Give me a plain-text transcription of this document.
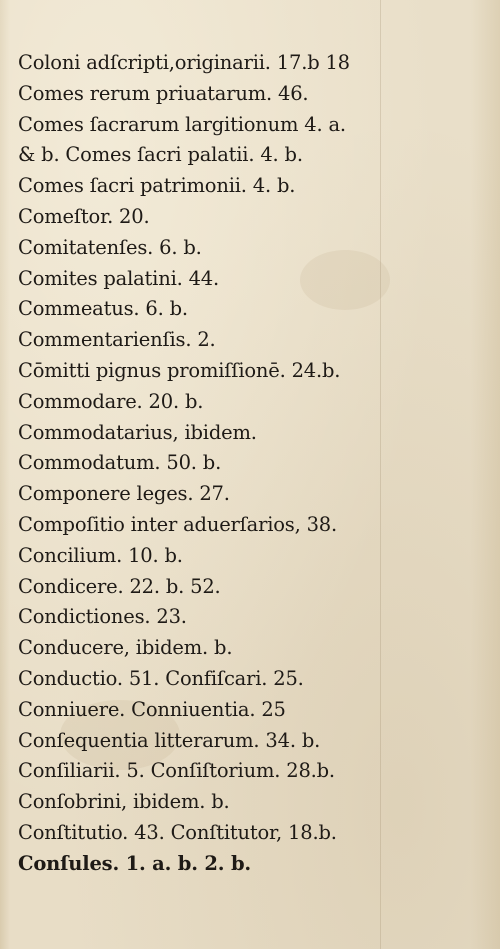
Coloni adſcripti,originarii. 17.b 18
Comes rerum priuatarum. 46.
Comes ſacrarum largitionum 4. a.
& b. Comes ſacri palatii. 4. b.
Comes ſacri patrimonii. 4. b.
Comeſtor. 20.
Comitatenſes. 6. b.
Comites palatini. 44.
Commeatus. 6. b.
Commentarienſis. 2.
Cōmitti pignus promiſſionē. 24.b.
Commodare. 20. b.
Commodatarius, ibidem.
Commodatum. 50. b.
Componere leges. 27.
Compoſitio inter aduerſarios, 38.
Concilium. 10. b.
Condicere. 22. b. 52.
Condictiones. 23.
Conducere, ibidem. b.
Conductio. 51. Confiſcari. 25.
Conniuere. Conniuentia. 25
Conſequentia litterarum. 34. b.
Conſiliarii. 5. Conſiſtorium. 28.b.
Conſobrini, ibidem. b.
Conſtitutio. 43. Conſtitutor, 18.b.
Conſules. 1. a. b. 2. b.
